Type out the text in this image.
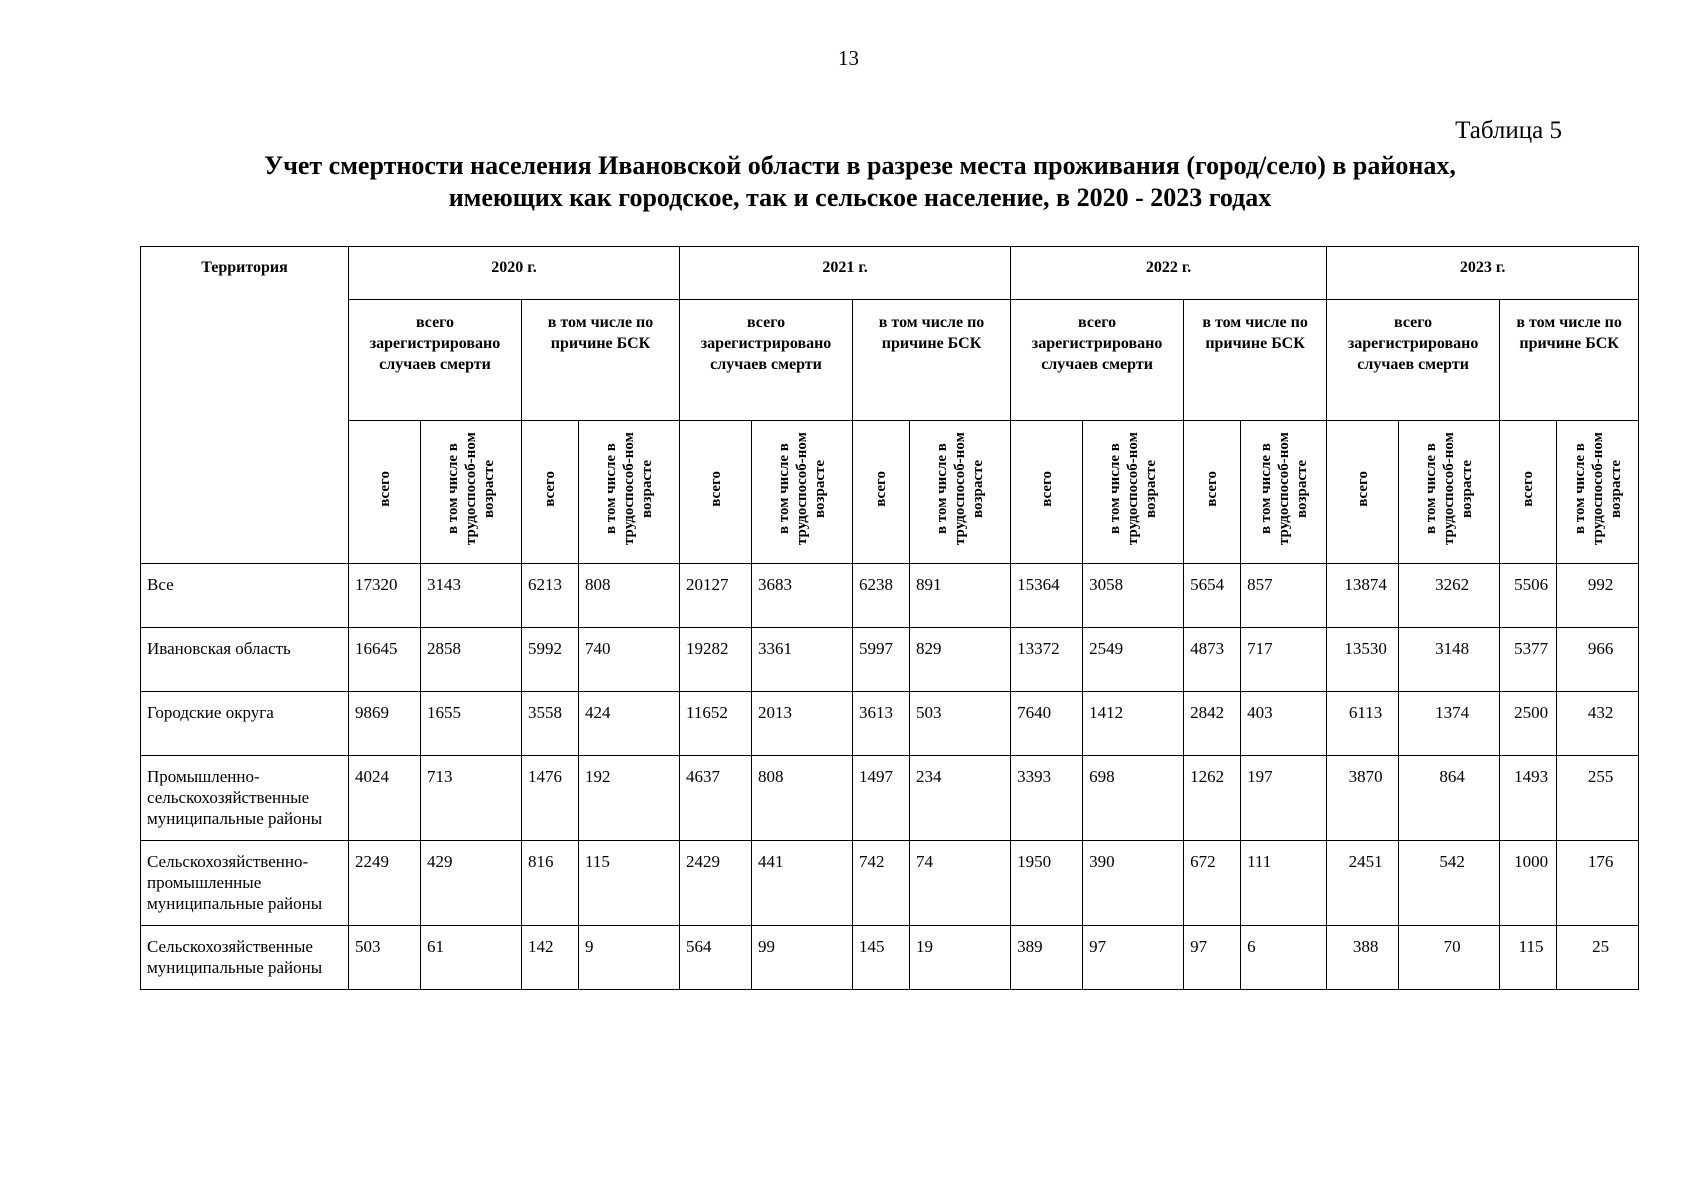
13
Таблица 5
Учет смертности населения Ивановской области в разрезе места проживания (город/село) в районах,
имеющих как городское, так и сельское население, в 2020 - 2023 годах
Территория	2020 г.				2021 г.				2022 г.				2023 г.			
	всего зарегистрировано случаев смерти		в том числе по причине БСК		всего зарегистрировано случаев смерти		в том числе по причине БСК		всего зарегистрировано случаев смерти		в том числе по причине БСК		всего зарегистрировано случаев смерти		в том числе по причине БСК	
	всего	в том числе в трудоспособ-ном возрасте	всего	в том числе в трудоспособ-ном возрасте	всего	в том числе в трудоспособ-ном возрасте	всего	в том числе в трудоспособ-ном возрасте	всего	в том числе в трудоспособ-ном возрасте	всего	в том числе в трудоспособ-ном возрасте	всего	в том числе в трудоспособ-ном возрасте	всего	в том числе в трудоспособ-ном возрасте
Все	17320	3143	6213	808	20127	3683	6238	891	15364	3058	5654	857	13874	3262	5506	992
Ивановская область	16645	2858	5992	740	19282	3361	5997	829	13372	2549	4873	717	13530	3148	5377	966
Городские округа	9869	1655	3558	424	11652	2013	3613	503	7640	1412	2842	403	6113	1374	2500	432
Промышленно-сельскохозяйственные муниципальные районы	4024	713	1476	192	4637	808	1497	234	3393	698	1262	197	3870	864	1493	255
Сельскохозяйственно-промышленные муниципальные районы	2249	429	816	115	2429	441	742	74	1950	390	672	111	2451	542	1000	176
Сельскохозяйственные муниципальные районы	503	61	142	9	564	99	145	19	389	97	97	6	388	70	115	25
